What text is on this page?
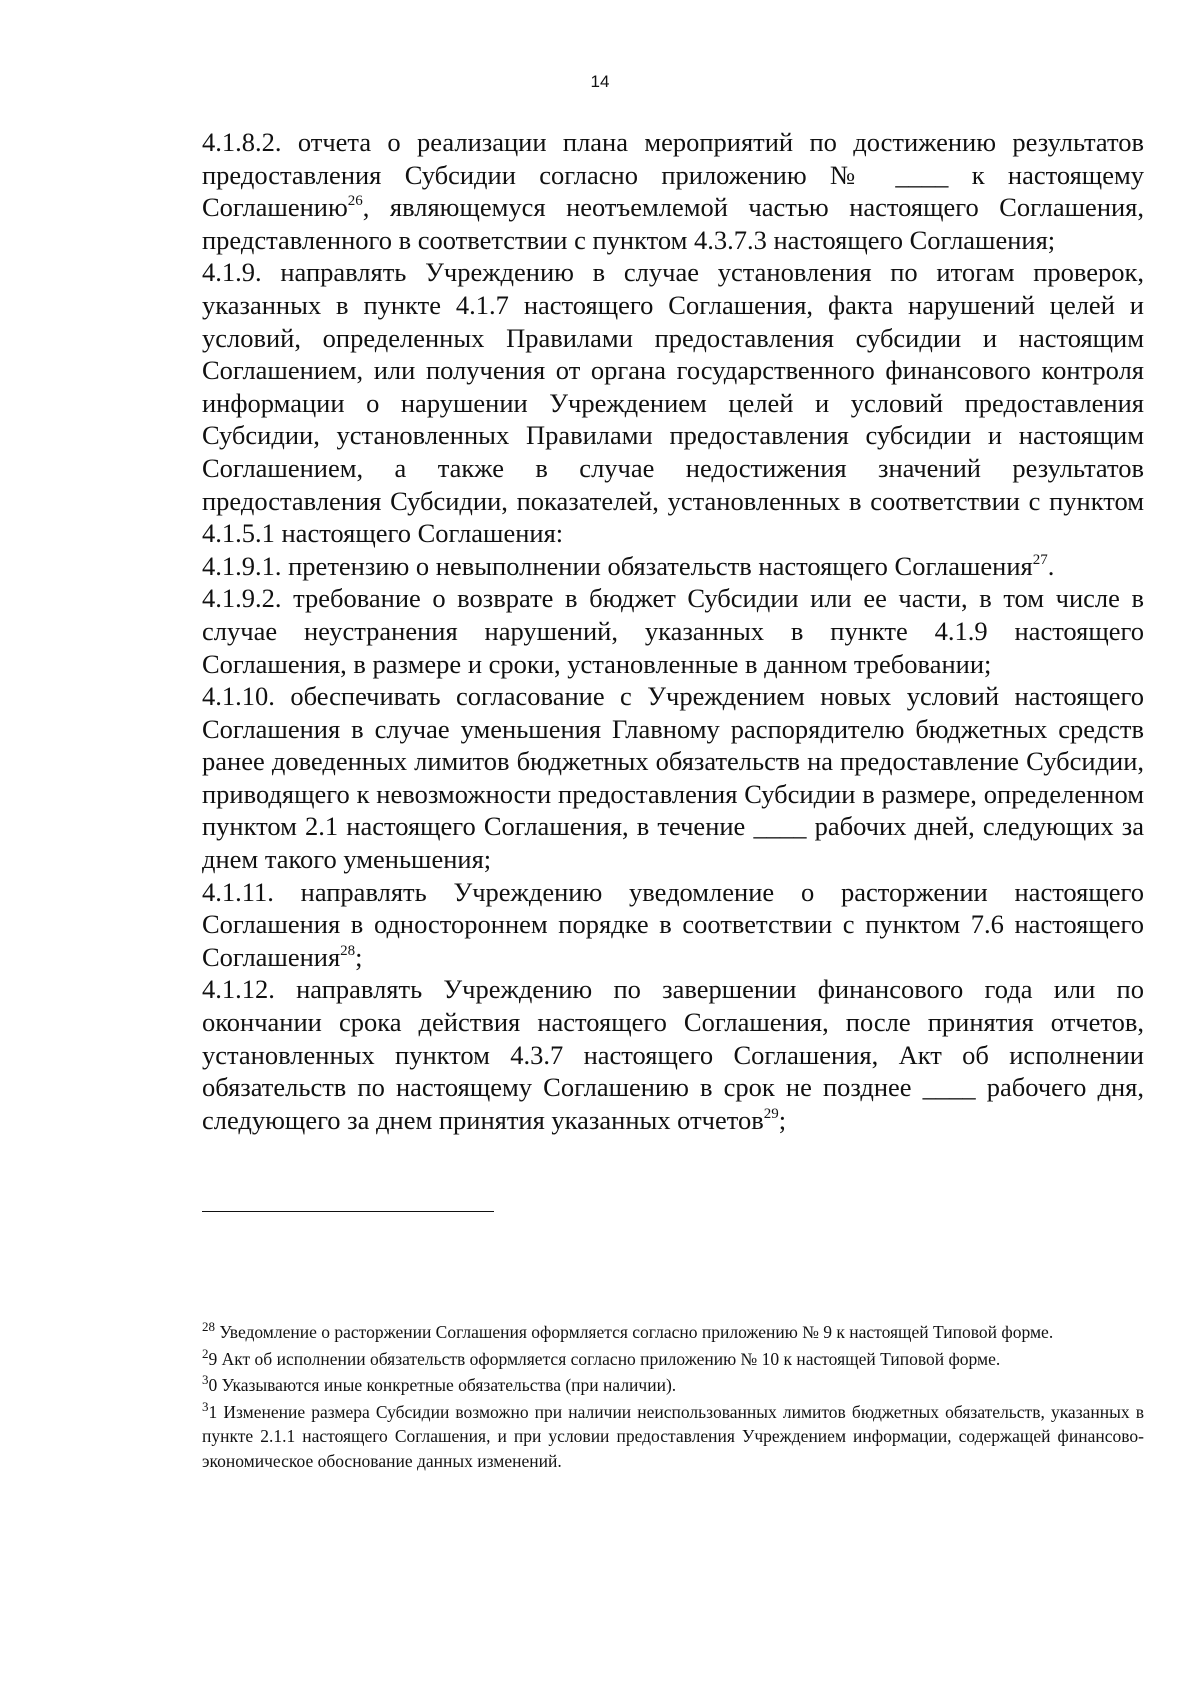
14

4.1.8.2. отчета о реализации плана мероприятий по достижению результатов предоставления Субсидии согласно приложению № ____ к настоящему Соглашению$^{26}$, являющемуся неотъемлемой частью настоящего Соглашения, представленного в соответствии с пунктом 4.3.7.3 настоящего Соглашения;

4.1.9. направлять Учреждению в случае установления по итогам проверок, указанных в пункте 4.1.7 настоящего Соглашения, факта нарушений целей и условий, определенных Правилами предоставления субсидии и настоящим Соглашением, или получения от органа государственного финансового контроля информации о нарушении Учреждением целей и условий предоставления Субсидии, установленных Правилами предоставления субсидии и настоящим Соглашением, а также в случае недостижения значений результатов предоставления Субсидии, показателей, установленных в соответствии с пунктом 4.1.5.1 настоящего Соглашения:

4.1.9.1. претензию о невыполнении обязательств настоящего Соглашения$^{27}$.

4.1.9.2. требование о возврате в бюджет Субсидии или ее части, в том числе в случае неустранения нарушений, указанных в пункте 4.1.9 настоящего Соглашения, в размере и сроки, установленные в данном требовании;

4.1.10. обеспечивать согласование с Учреждением новых условий настоящего Соглашения в случае уменьшения Главному распорядителю бюджетных средств ранее доведенных лимитов бюджетных обязательств на предоставление Субсидии, приводящего к невозможности предоставления Субсидии в размере, определенном пунктом 2.1 настоящего Соглашения, в течение ____ рабочих дней, следующих за днем такого уменьшения;

4.1.11. направлять Учреждению уведомление о расторжении настоящего Соглашения в одностороннем порядке в соответствии с пунктом 7.6 настоящего Соглашения$^{28}$;

4.1.12. направлять Учреждению по завершении финансового года или по окончании срока действия настоящего Соглашения, после принятия отчетов, установленных пунктом 4.3.7 настоящего Соглашения, Акт об исполнении обязательств по настоящему Соглашению в срок не позднее ____ рабочего дня, следующего за днем принятия указанных отчетов$^{29}$;

$^{28}$ Уведомление о расторжении Соглашения оформляется согласно приложению № 9 к настоящей Типовой форме.

$^2$9 Акт об исполнении обязательств оформляется согласно приложению № 10 к настоящей Типовой форме.

$^3$0 Указываются иные конкретные обязательства (при наличии).

$^3$1 Изменение размера Субсидии возможно при наличии неиспользованных лимитов бюджетных обязательств, указанных в пункте 2.1.1 настоящего Соглашения, и при условии предоставления Учреждением информации, содержащей финансово- экономическое обоснование данных изменений.
